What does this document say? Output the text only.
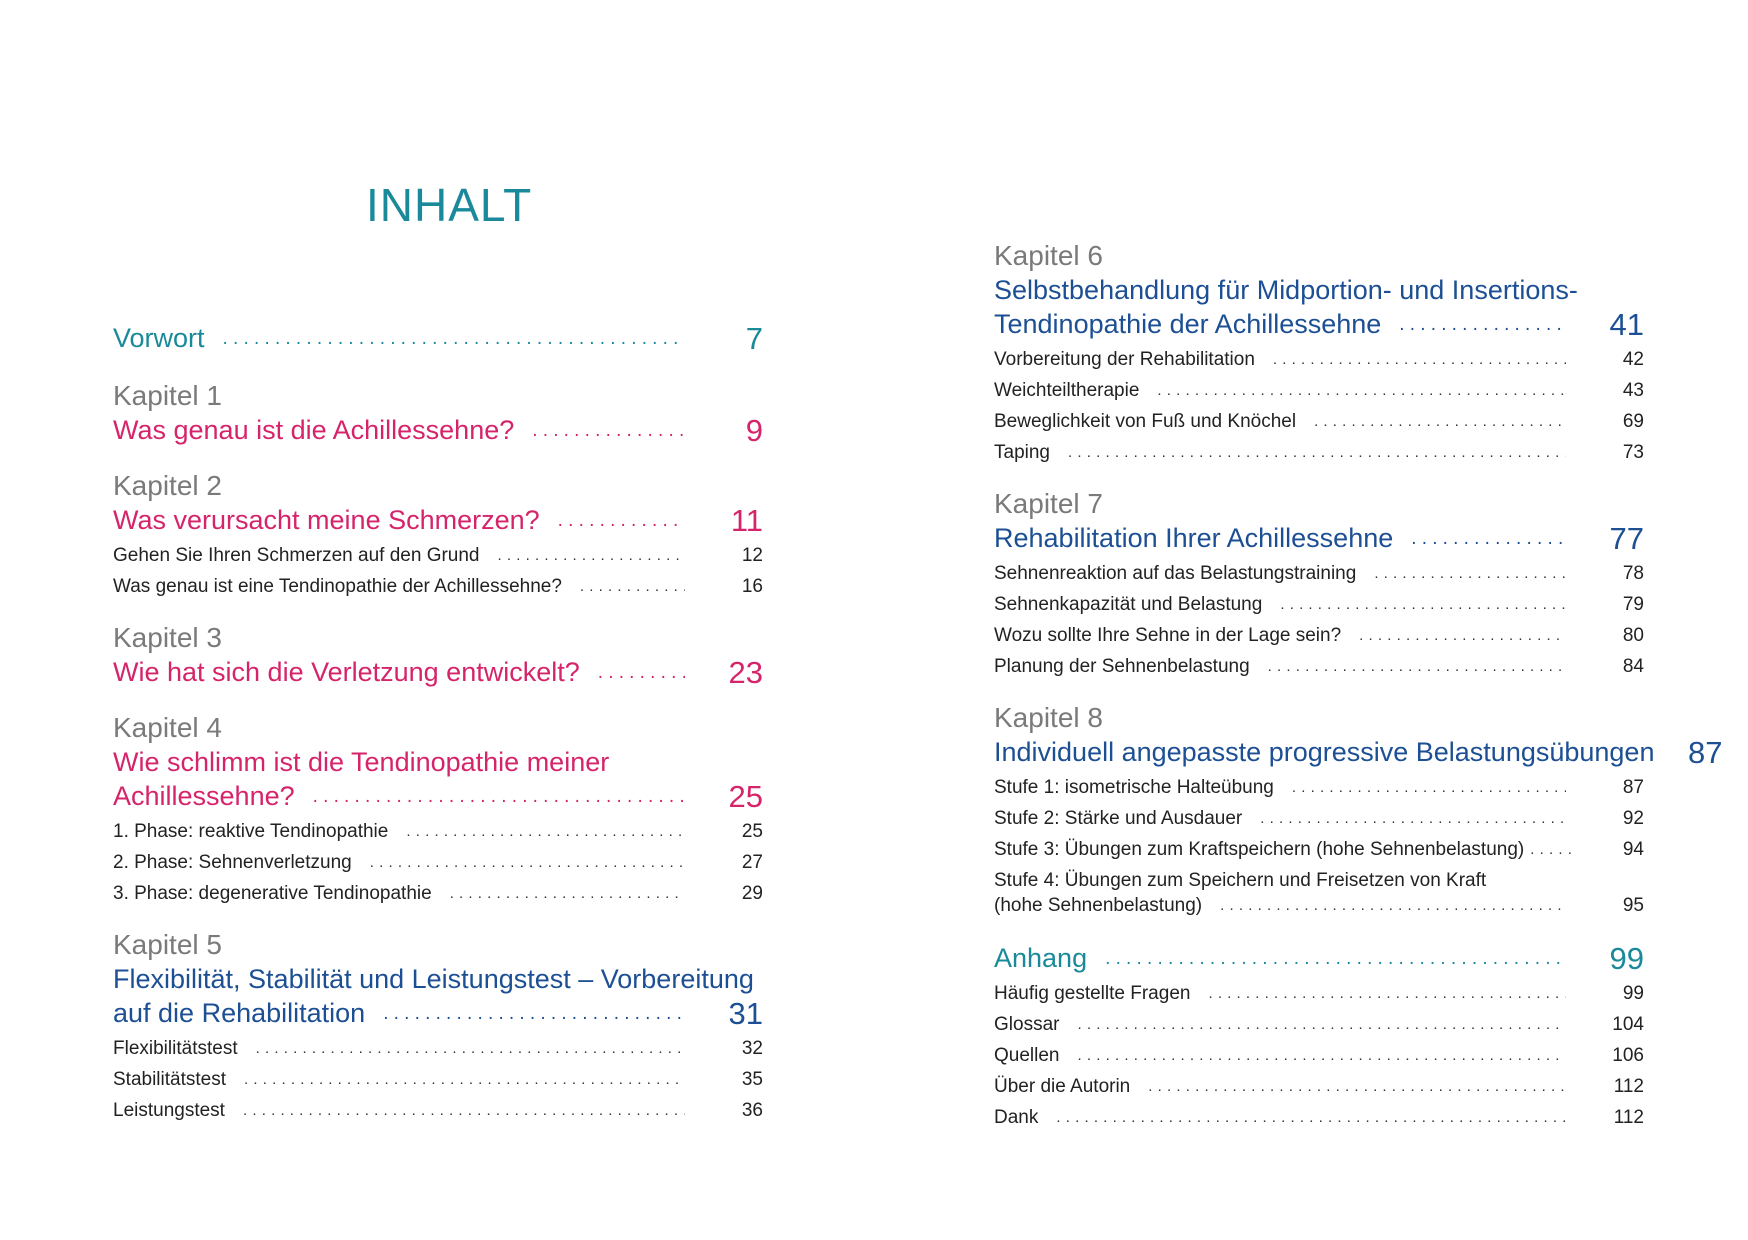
INHALT
Vorwort .....	7
Kapitel 1
Was genau ist die Achillessehne? .....	9
Kapitel 2
Was verursacht meine Schmerzen? .....	11
Gehen Sie Ihren Schmerzen auf den Grund .....	12
Was genau ist eine Tendinopathie der Achillessehne? .....	16
Kapitel 3
Wie hat sich die Verletzung entwickelt? .....	23
Kapitel 4
Wie schlimm ist die Tendinopathie meiner
Achillessehne? .....	25
1. Phase: reaktive Tendinopathie .....	25
2. Phase: Sehnenverletzung .....	27
3. Phase: degenerative Tendinopathie .....	29
Kapitel 5
Flexibilität, Stabilität und Leistungstest – Vorbereitung
auf die Rehabilitation .....	31
Flexibilitätstest .....	32
Stabilitätstest .....	35
Leistungstest .....	36
Kapitel 6
Selbstbehandlung für Midportion- und Insertions-
Tendinopathie der Achillessehne .....	41
Vorbereitung der Rehabilitation .....	42
Weichteiltherapie .....	43
Beweglichkeit von Fuß und Knöchel .....	69
Taping .....	73
Kapitel 7
Rehabilitation Ihrer Achillessehne .....	77
Sehnenreaktion auf das Belastungstraining .....	78
Sehnenkapazität und Belastung .....	79
Wozu sollte Ihre Sehne in der Lage sein? .....	80
Planung der Sehnenbelastung .....	84
Kapitel 8
Individuell angepasste progressive Belastungsübungen	87
Stufe 1: isometrische Halteübung .....	87
Stufe 2: Stärke und Ausdauer .....	92
Stufe 3: Übungen zum Kraftspeichern (hohe Sehnenbelastung) .....	94
Stufe 4: Übungen zum Speichern und Freisetzen von Kraft
(hohe Sehnenbelastung) .....	95
Anhang .....	99
Häufig gestellte Fragen .....	99
Glossar .....	104
Quellen .....	106
Über die Autorin .....	112
Dank .....	112
